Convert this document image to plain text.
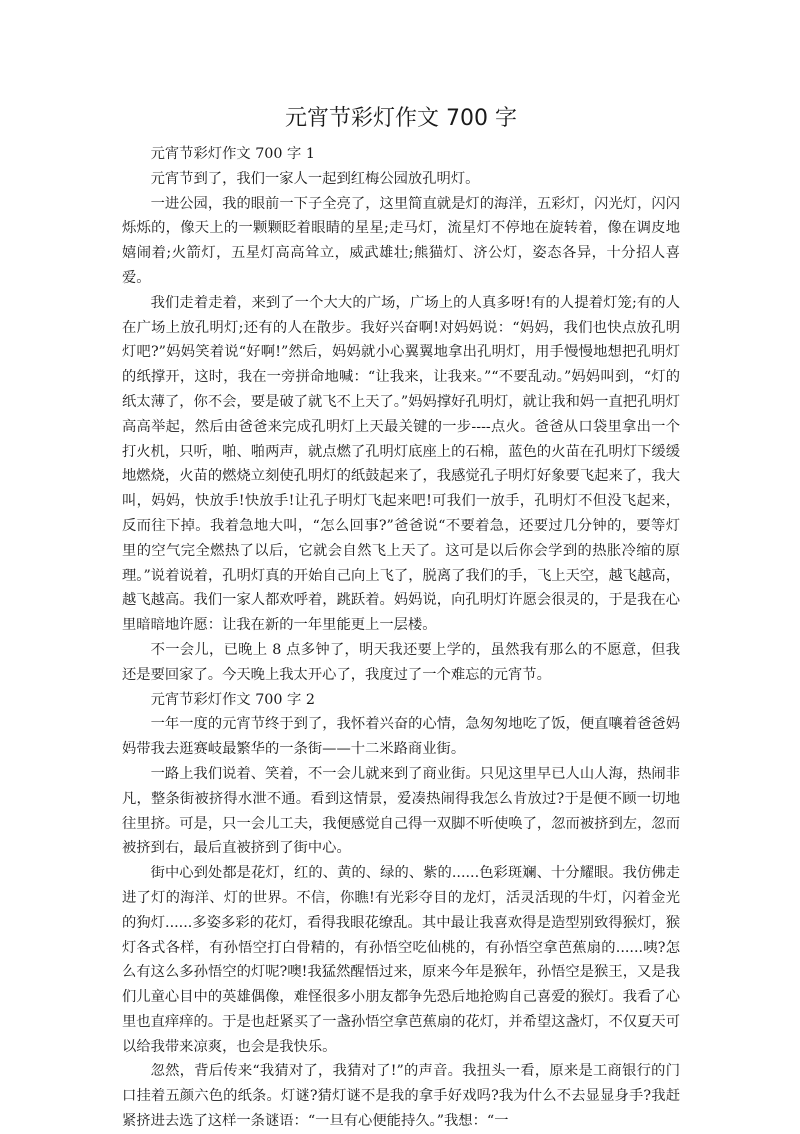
元宵节彩灯作文 700 字

元宵节彩灯作文 700 字 1

元宵节到了，我们一家人一起到红梅公园放孔明灯。

一进公园，我的眼前一下子全亮了，这里简直就是灯的海洋，五彩灯，闪光灯，闪闪烁烁的，像天上的一颗颗眨着眼睛的星星;走马灯，流星灯不停地在旋转着，像在调皮地嬉闹着;火箭灯，五星灯高高耸立，威武雄壮;熊猫灯、济公灯，姿态各异，十分招人喜爱。

我们走着走着，来到了一个大大的广场，广场上的人真多呀!有的人提着灯笼;有的人在广场上放孔明灯;还有的人在散步。我好兴奋啊!对妈妈说：“妈妈，我们也快点放孔明灯吧?”妈妈笑着说“好啊!”然后，妈妈就小心翼翼地拿出孔明灯，用手慢慢地想把孔明灯的纸撑开，这时，我在一旁拼命地喊：“让我来，让我来。”“不要乱动。”妈妈叫到，“灯的纸太薄了，你不会，要是破了就飞不上天了。”妈妈撑好孔明灯，就让我和妈一直把孔明灯高高举起，然后由爸爸来完成孔明灯上天最关键的一步----点火。爸爸从口袋里拿出一个打火机，只听，啪、啪两声，就点燃了孔明灯底座上的石棉，蓝色的火苗在孔明灯下缓缓地燃烧，火苗的燃烧立刻使孔明灯的纸鼓起来了，我感觉孔子明灯好象要飞起来了，我大叫，妈妈，快放手!快放手!让孔子明灯飞起来吧!可我们一放手，孔明灯不但没飞起来，反而往下掉。我着急地大叫，“怎么回事?”爸爸说“不要着急，还要过几分钟的，要等灯里的空气完全燃热了以后，它就会自然飞上天了。这可是以后你会学到的热胀冷缩的原理。”说着说着，孔明灯真的开始自己向上飞了，脱离了我们的手，飞上天空，越飞越高，越飞越高。我们一家人都欢呼着，跳跃着。妈妈说，向孔明灯许愿会很灵的，于是我在心里暗暗地许愿：让我在新的一年里能更上一层楼。

不一会儿，已晚上 8 点多钟了，明天我还要上学的，虽然我有那么的不愿意，但我还是要回家了。今天晚上我太开心了，我度过了一个难忘的元宵节。

元宵节彩灯作文 700 字 2

一年一度的元宵节终于到了，我怀着兴奋的心情，急匆匆地吃了饭，便直嚷着爸爸妈妈带我去逛赛岐最繁华的一条街——十二米路商业街。

一路上我们说着、笑着，不一会儿就来到了商业街。只见这里早已人山人海，热闹非凡，整条街被挤得水泄不通。看到这情景，爱凑热闹得我怎么肯放过?于是便不顾一切地往里挤。可是，只一会儿工夫，我便感觉自己得一双脚不听使唤了，忽而被挤到左，忽而被挤到右，最后直被挤到了街中心。

街中心到处都是花灯，红的、黄的、绿的、紫的......色彩斑斓、十分耀眼。我仿佛走进了灯的海洋、灯的世界。不信，你瞧!有光彩夺目的龙灯，活灵活现的牛灯，闪着金光的狗灯......多姿多彩的花灯，看得我眼花缭乱。其中最让我喜欢得是造型别致得猴灯，猴灯各式各样，有孙悟空打白骨精的，有孙悟空吃仙桃的，有孙悟空拿芭蕉扇的......咦?怎么有这么多孙悟空的灯呢?噢!我猛然醒悟过来，原来今年是猴年，孙悟空是猴王，又是我们儿童心目中的英雄偶像，难怪很多小朋友都争先恐后地抢购自己喜爱的猴灯。我看了心里也直痒痒的。于是也赶紧买了一盏孙悟空拿芭蕉扇的花灯，并希望这盏灯，不仅夏天可以给我带来凉爽，也会是我快乐。

忽然，背后传来“我猜对了，我猜对了!”的声音。我扭头一看，原来是工商银行的门口挂着五颜六色的纸条。灯谜?猜灯谜不是我的拿手好戏吗?我为什么不去显显身手?我赶紧挤进去选了这样一条谜语：“一旦有心便能持久。”我想：“一
